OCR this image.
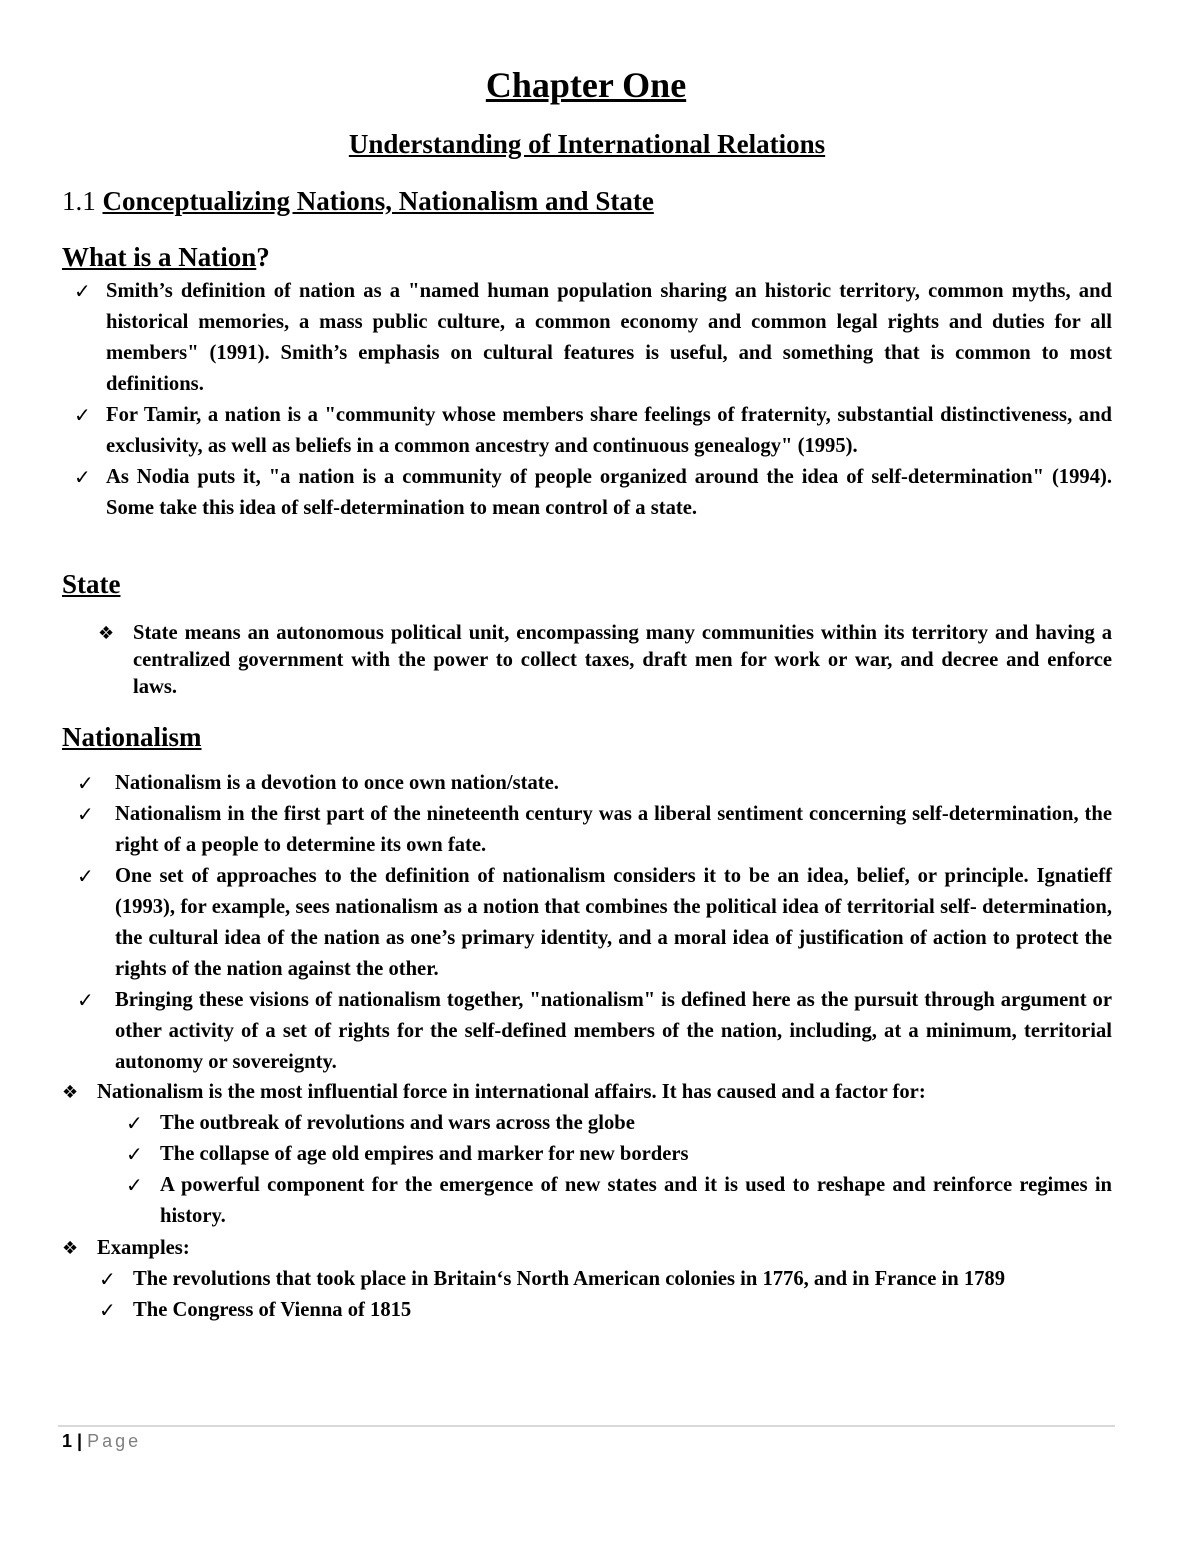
Chapter One
Understanding of International Relations
1.1 Conceptualizing Nations, Nationalism and State
What is a Nation?
✓ Smith’s definition of nation as a "named human population sharing an historic territory, common myths, and historical memories, a mass public culture, a common economy and common legal rights and duties for all members" (1991). Smith’s emphasis on cultural features is useful, and something that is common to most definitions.
✓ For Tamir, a nation is a "community whose members share feelings of fraternity, substantial distinctiveness, and exclusivity, as well as beliefs in a common ancestry and continuous genealogy" (1995).
✓ As Nodia puts it, "a nation is a community of people organized around the idea of self-determination" (1994). Some take this idea of self-determination to mean control of a state.
State
❖ State means an autonomous political unit, encompassing many communities within its territory and having a centralized government with the power to collect taxes, draft men for work or war, and decree and enforce laws.
Nationalism
✓ Nationalism is a devotion to once own nation/state.
✓ Nationalism in the first part of the nineteenth century was a liberal sentiment concerning self-determination, the right of a people to determine its own fate.
✓ One set of approaches to the definition of nationalism considers it to be an idea, belief, or principle. Ignatieff (1993), for example, sees nationalism as a notion that combines the political idea of territorial self- determination, the cultural idea of the nation as one’s primary identity, and a moral idea of justification of action to protect the rights of the nation against the other.
✓ Bringing these visions of nationalism together, "nationalism" is defined here as the pursuit through argument or other activity of a set of rights for the self-defined members of the nation, including, at a minimum, territorial autonomy or sovereignty.
❖ Nationalism is the most influential force in international affairs. It has caused and a factor for:
✓ The outbreak of revolutions and wars across the globe
✓ The collapse of age old empires and marker for new borders
✓ A powerful component for the emergence of new states and it is used to reshape and reinforce regimes in history.
❖ Examples:
✓ The revolutions that took place in Britain‘s North American colonies in 1776, and in France in 1789
✓ The Congress of Vienna of 1815
1 | Page
